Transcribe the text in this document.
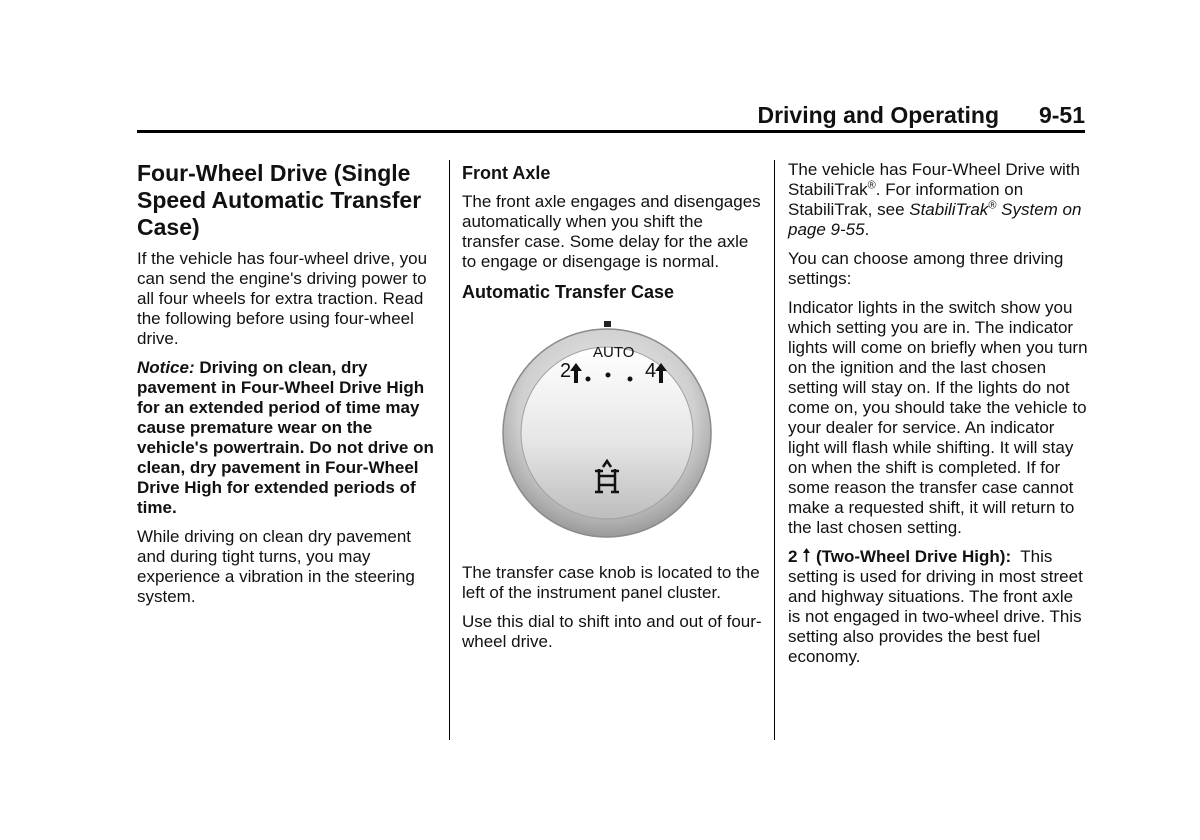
Driving and Operating 9-51
Four-Wheel Drive (Single Speed Automatic Transfer Case)

If the vehicle has four-wheel drive, you can send the engine's driving power to all four wheels for extra traction. Read the following before using four-wheel drive.

Notice: Driving on clean, dry pavement in Four-Wheel Drive High for an extended period of time may cause premature wear on the vehicle's powertrain. Do not drive on clean, dry pavement in Four-Wheel Drive High for extended periods of time.

While driving on clean dry pavement and during tight turns, you may experience a vibration in the steering system.

Front Axle

The front axle engages and disengages automatically when you shift the transfer case. Some delay for the axle to engage or disengage is normal.

Automatic Transfer Case
2
AUTO
4

The transfer case knob is located to the left of the instrument panel cluster.

Use this dial to shift into and out of four-wheel drive.

The vehicle has Four-Wheel Drive with StabiliTrak®. For information on StabiliTrak, see StabiliTrak® System on page 9-55.

You can choose among three driving settings:

Indicator lights in the switch show you which setting you are in. The indicator lights will come on briefly when you turn on the ignition and the last chosen setting will stay on. If the lights do not come on, you should take the vehicle to your dealer for service. An indicator light will flash while shifting. It will stay on when the shift is completed. If for some reason the transfer case cannot make a requested shift, it will return to the last chosen setting.

2 (Two-Wheel Drive High): This setting is used for driving in most street and highway situations. The front axle is not engaged in two-wheel drive. This setting also provides the best fuel economy.
